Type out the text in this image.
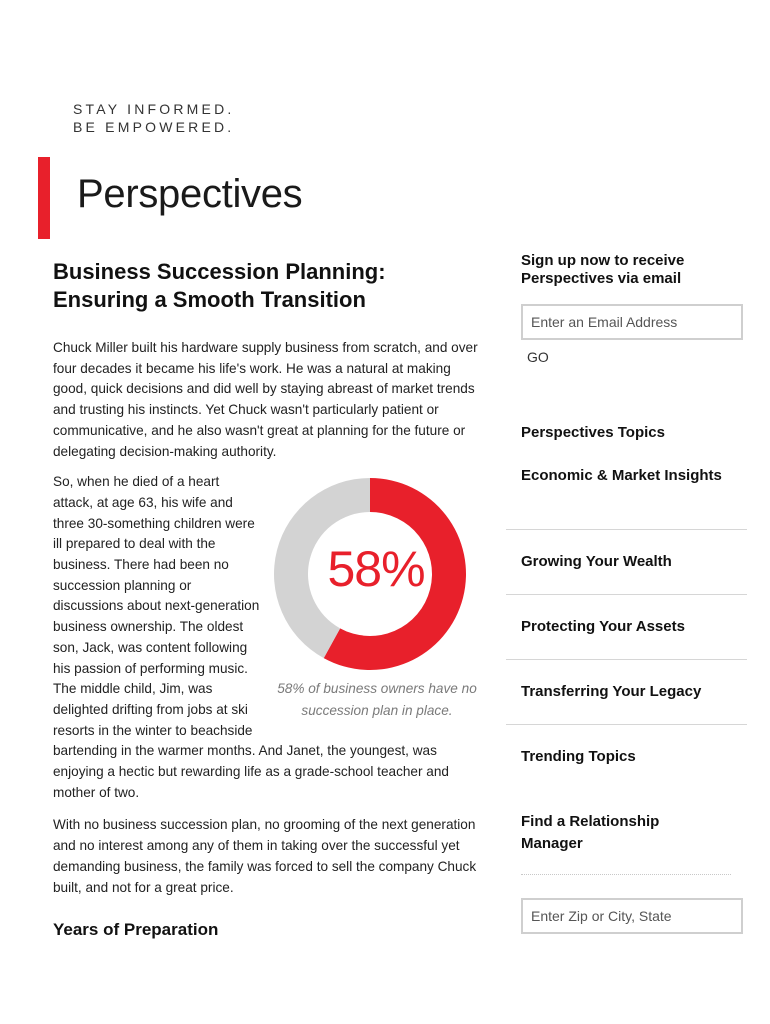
STAY INFORMED.
BE EMPOWERED.
Perspectives
Business Succession Planning:
Ensuring a Smooth Transition

Chuck Miller built his hardware supply business from scratch, and over four decades it became his life's work. He was a natural at making good, quick decisions and did well by staying abreast of market trends and trusting his instincts. Yet Chuck wasn't particularly patient or communicative, and he also wasn't great at planning for the future or delegating decision-making authority.

58%
58% of business owners have no succession plan in place.

So, when he died of a heart attack, at age 63, his wife and three 30-something children were ill prepared to deal with the business. There had been no succession planning or discussions about next-generation business ownership. The oldest son, Jack, was content following his passion of performing music. The middle child, Jim, was delighted drifting from jobs at ski resorts in the winter to beachside bartending in the warmer months. And Janet, the youngest, was enjoying a hectic but rewarding life as a grade-school teacher and mother of two.

With no business succession plan, no grooming of the next generation and no interest among any of them in taking over the successful yet demanding business, the family was forced to sell the company Chuck built, and not for a great price.

Years of Preparation
Sign up now to receive
Perspectives via email
Enter an Email Address
GO
Perspectives Topics
Economic & Market Insights
Growing Your Wealth
Protecting Your Assets
Transferring Your Legacy
Trending Topics
Find a Relationship
Manager
Enter Zip or City, State
